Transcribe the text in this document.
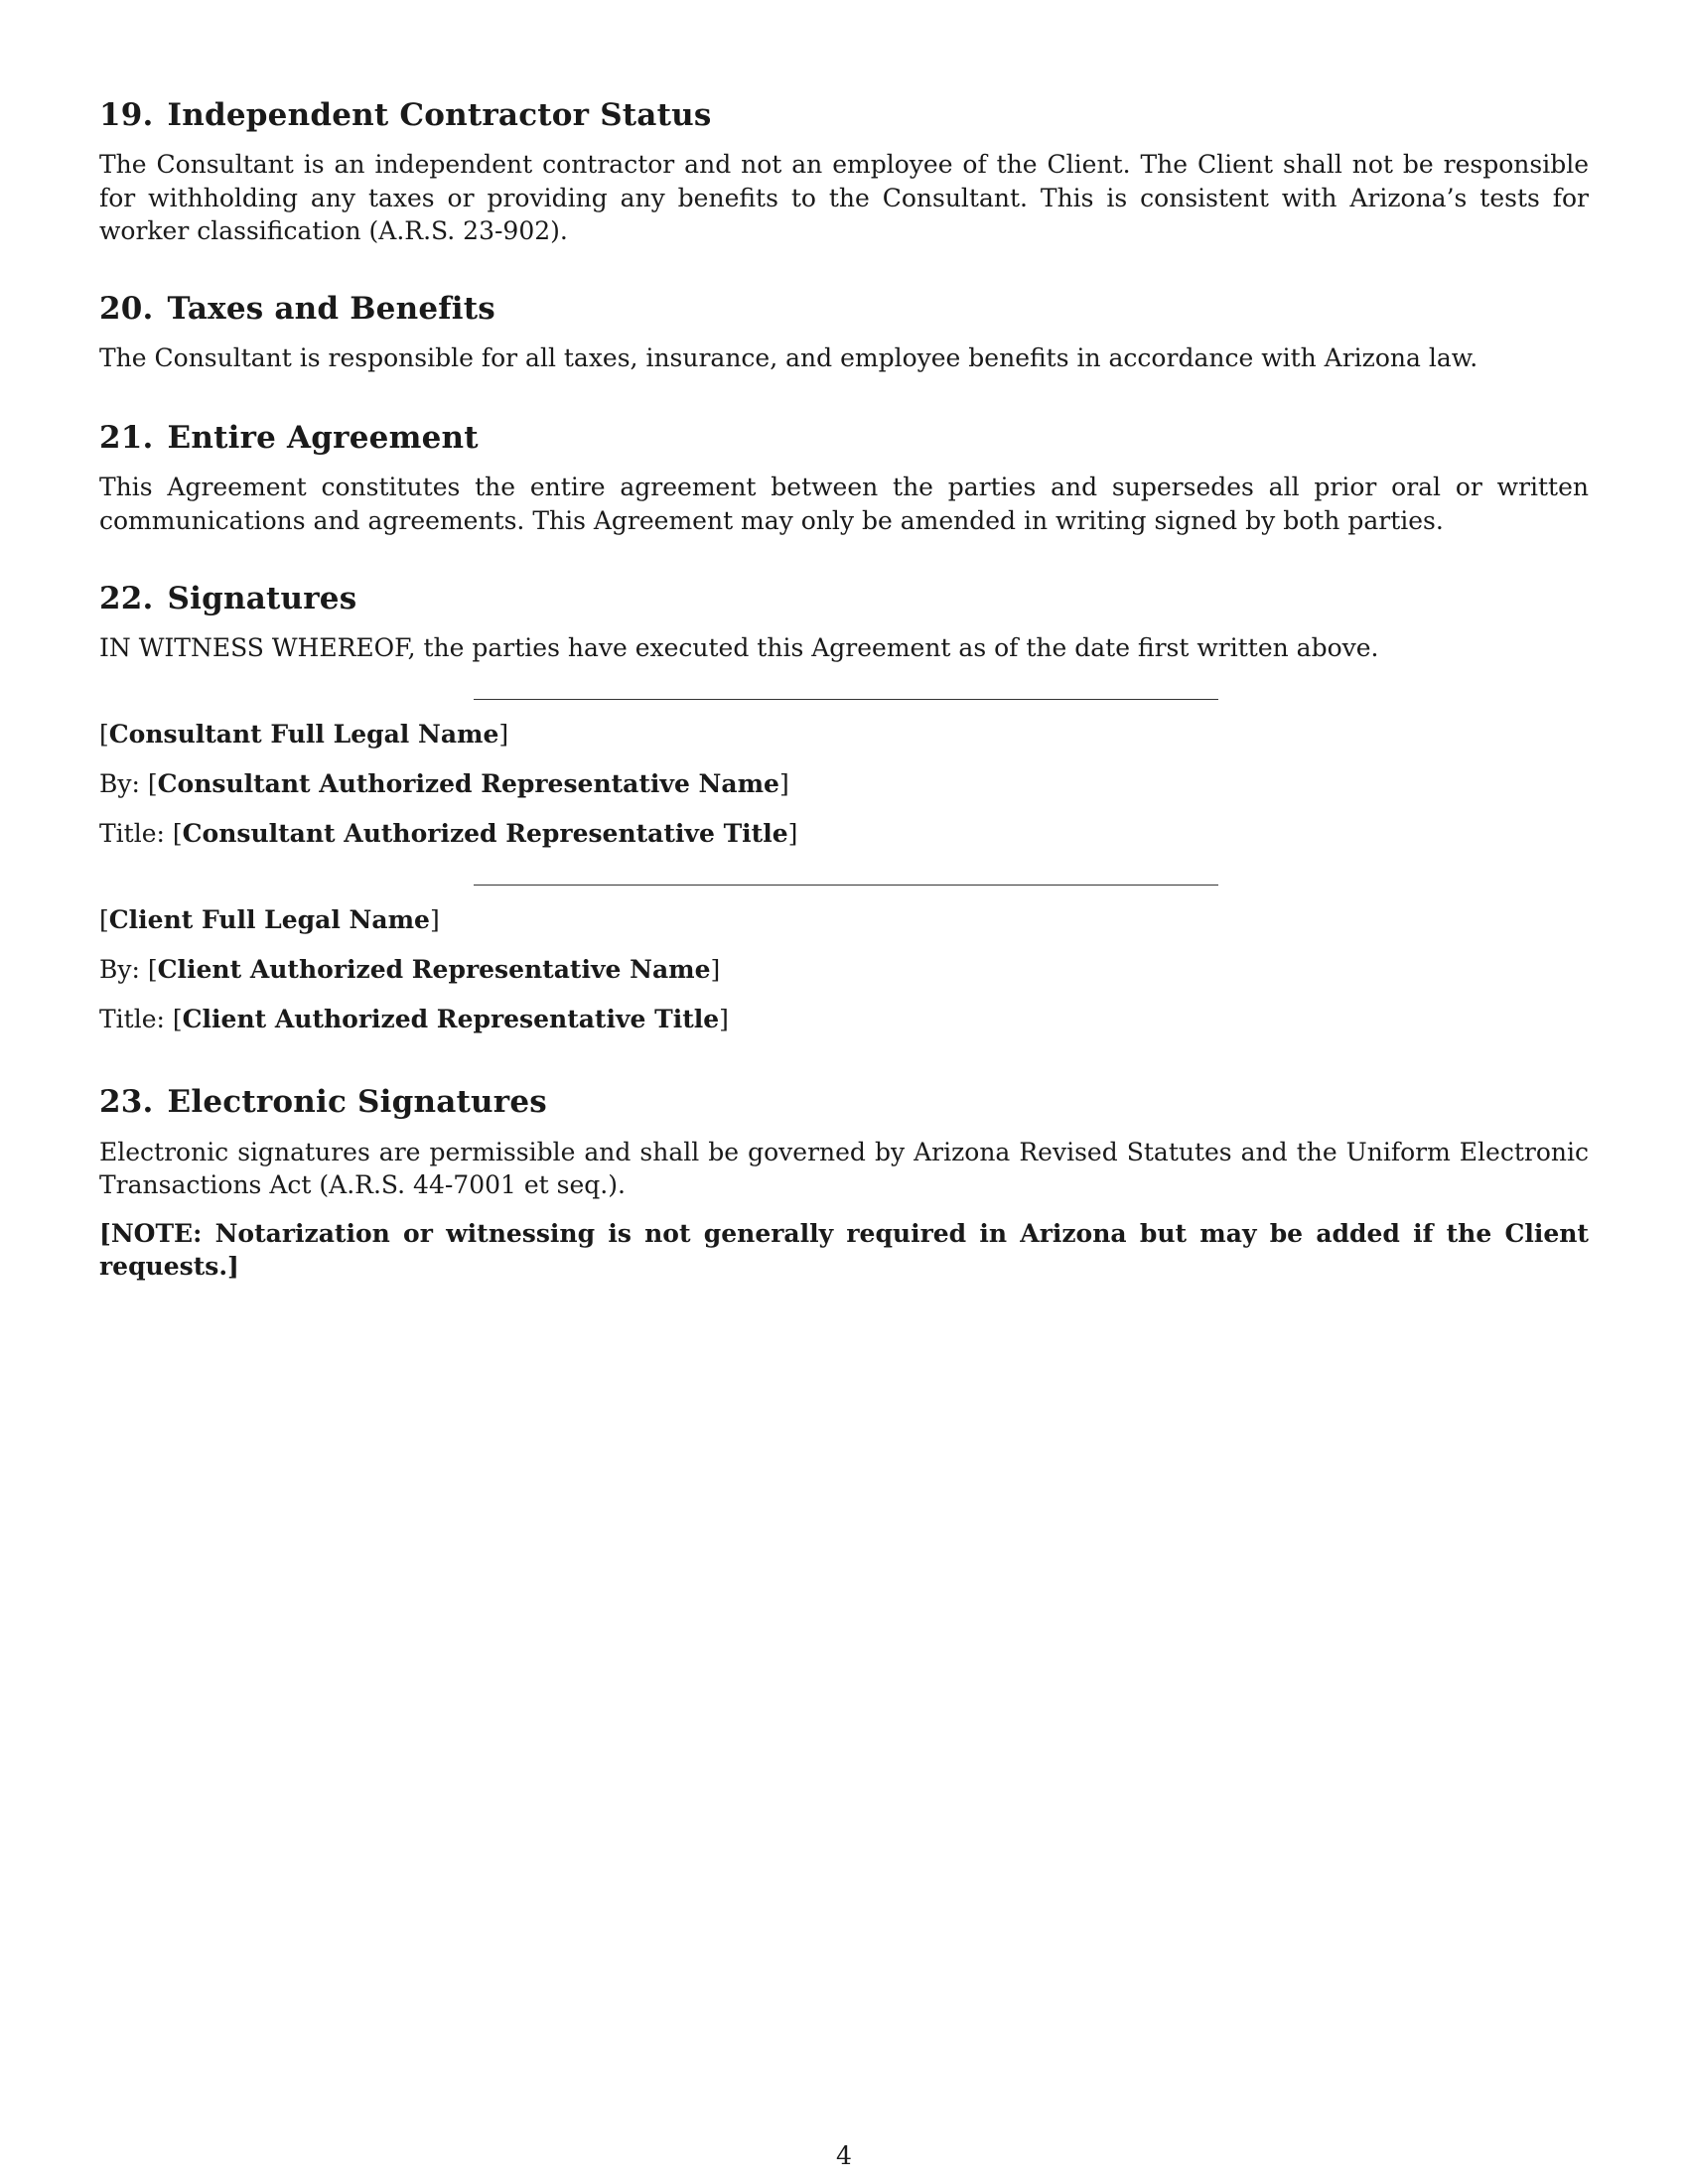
19. Independent Contractor Status

The Consultant is an independent contractor and not an employee of the Client. The Client shall not be responsible for withholding any taxes or providing any benefits to the Consultant. This is consistent with Arizona’s tests for worker classification (A.R.S. 23-902).

20. Taxes and Benefits

The Consultant is responsible for all taxes, insurance, and employee benefits in accordance with Arizona law.

21. Entire Agreement

This Agreement constitutes the entire agreement between the parties and supersedes all prior oral or written communications and agreements. This Agreement may only be amended in writing signed by both parties.

22. Signatures

IN WITNESS WHEREOF, the parties have executed this Agreement as of the date first written above.

[Consultant Full Legal Name]

By: [Consultant Authorized Representative Name]

Title: [Consultant Authorized Representative Title]

[Client Full Legal Name]

By: [Client Authorized Representative Name]

Title: [Client Authorized Representative Title]

23. Electronic Signatures

Electronic signatures are permissible and shall be governed by Arizona Revised Statutes and the Uniform Electronic Transactions Act (A.R.S. 44-7001 et seq.).

[NOTE: Notarization or witnessing is not generally required in Arizona but may be added if the Client requests.]

4
